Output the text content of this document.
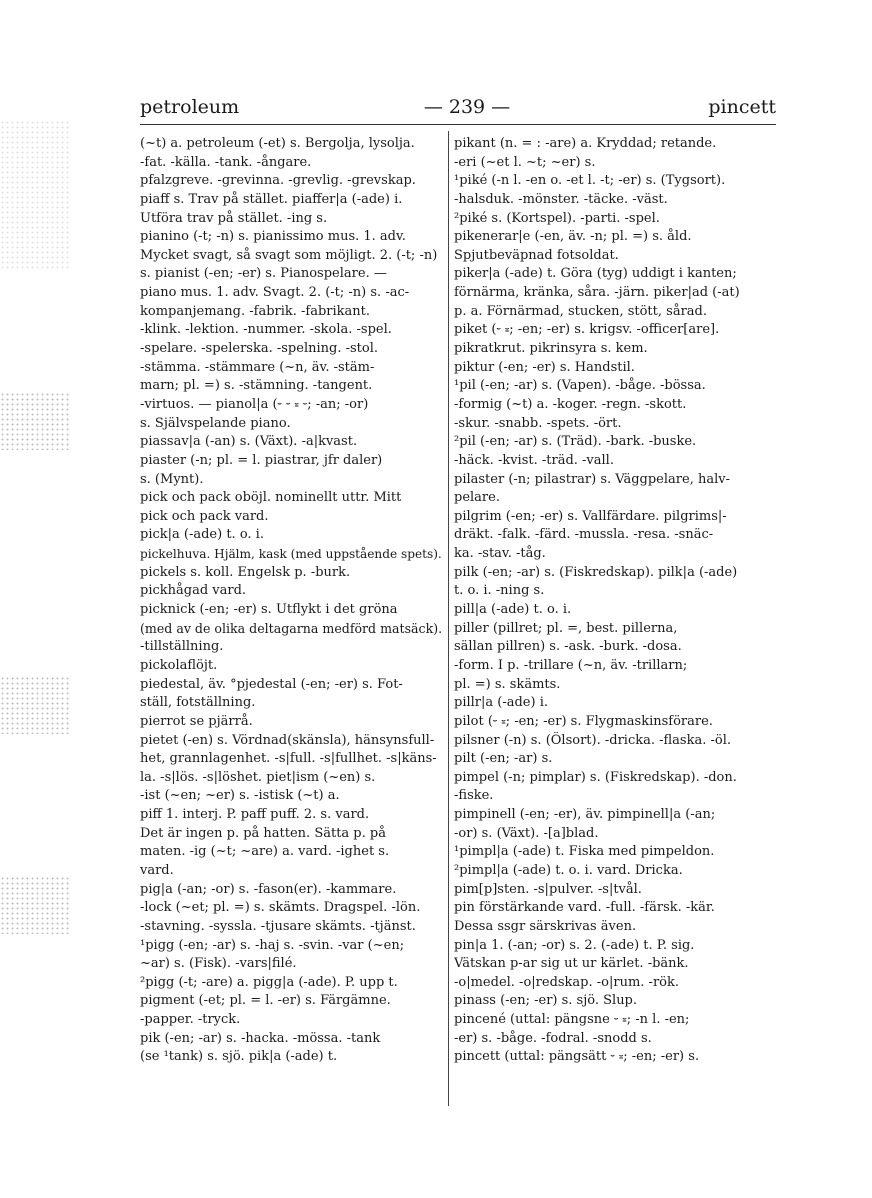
petroleum	— 239 —	pincett
(~t) a. petroleum (-et) s. Bergolja, lysolja.
-fat. -källa. -tank. -ångare.
pfalzgreve. -grevinna. -grevlig. -grevskap.
piaff s. Trav på stället. piaffer|a (-ade) i.
Utföra trav på stället. -ing s.
pianino (-t; -n) s. pianissimo mus. 1. adv.
Mycket svagt, så svagt som möjligt. 2. (-t; -n)
s. pianist (-en; -er) s. Pianospelare. —
piano mus. 1. adv. Svagt. 2. (-t; -n) s. -ac-
kompanjemang. -fabrik. -fabrikant.
-klink. -lektion. -nummer. -skola. -spel.
-spelare. -spelerska. -spelning. -stol.
-stämma. -stämmare (~n, äv. -stäm-
marn; pl. =) s. -stämning. -tangent.
-virtuos. — pianol|a (⏑ ⏑ ⏓ ⏑; -an; -or)
s. Självspelande piano.
piassav|a (-an) s. (Växt). -a|kvast.
piaster (-n; pl. = l. piastrar, jfr daler)
s. (Mynt).
pick och pack oböjl. nominellt uttr. Mitt
pick och pack vard.
pick|a (-ade) t. o. i.
pickelhuva. Hjälm, kask (med uppstående spets).
pickels s. koll. Engelsk p. -burk.
pickhågad vard.
picknick (-en; -er) s. Utflykt i det gröna
(med av de olika deltagarna medförd matsäck).
-tillställning.
pickolaflöjt.
piedestal, äv. °pjedestal (-en; -er) s. Fot-
ställ, fotställning.
pierrot se pjärrå.
pietet (-en) s. Vördnad(skänsla), hänsynsfull-
het, grannlagenhet. -s|full. -s|fullhet. -s|käns-
la. -s|lös. -s|löshet. piet|ism (~en) s.
-ist (~en; ~er) s. -istisk (~t) a.
piff 1. interj. P. paff puff. 2. s. vard.
Det är ingen p. på hatten. Sätta p. på
maten. -ig (~t; ~are) a. vard. -ighet s.
vard.
pig|a (-an; -or) s. -fason(er). -kammare.
-lock (~et; pl. =) s. skämts. Dragspel. -lön.
-stavning. -syssla. -tjusare skämts. -tjänst.
¹pigg (-en; -ar) s. -haj s. -svin. -var (~en;
~ar) s. (Fisk). -vars|filé.
²pigg (-t; -are) a. pigg|a (-ade). P. upp t.
pigment (-et; pl. = l. -er) s. Färgämne.
-papper. -tryck.
pik (-en; -ar) s. -hacka. -mössa. -tank
(se ¹tank) s. sjö. pik|a (-ade) t.
pikant (n. = : -are) a. Kryddad; retande.
-eri (~et l. ~t; ~er) s.
¹piké (-n l. -en o. -et l. -t; -er) s. (Tygsort).
-halsduk. -mönster. -täcke. -väst.
²piké s. (Kortspel). -parti. -spel.
pikenerar|e (-en, äv. -n; pl. =) s. åld.
Spjutbeväpnad fotsoldat.
piker|a (-ade) t. Göra (tyg) uddigt i kanten;
förnärma, kränka, såra. -järn. piker|ad (-at)
p. a. Förnärmad, stucken, stött, sårad.
piket (⏑ ⏓; -en; -er) s. krigsv. -officer[are].
pikratkrut. pikrinsyra s. kem.
piktur (-en; -er) s. Handstil.
¹pil (-en; -ar) s. (Vapen). -båge. -bössa.
-formig (~t) a. -koger. -regn. -skott.
-skur. -snabb. -spets. -ört.
²pil (-en; -ar) s. (Träd). -bark. -buske.
-häck. -kvist. -träd. -vall.
pilaster (-n; pilastrar) s. Väggpelare, halv-
pelare.
pilgrim (-en; -er) s. Vallfärdare. pilgrims|-
dräkt. -falk. -färd. -mussla. -resa. -snäc-
ka. -stav. -tåg.
pilk (-en; -ar) s. (Fiskredskap). pilk|a (-ade)
t. o. i. -ning s.
pill|a (-ade) t. o. i.
piller (pillret; pl. =, best. pillerna,
sällan pillren) s. -ask. -burk. -dosa.
-form. I p. -trillare (~n, äv. -trillarn;
pl. =) s. skämts.
pillr|a (-ade) i.
pilot (⏑ ⏓; -en; -er) s. Flygmaskinsförare.
pilsner (-n) s. (Ölsort). -dricka. -flaska. -öl.
pilt (-en; -ar) s.
pimpel (-n; pimplar) s. (Fiskredskap). -don.
-fiske.
pimpinell (-en; -er), äv. pimpinell|a (-an;
-or) s. (Växt). -[a]blad.
¹pimpl|a (-ade) t. Fiska med pimpeldon.
²pimpl|a (-ade) t. o. i. vard. Dricka.
pim[p]sten. -s|pulver. -s|tvål.
pin förstärkande vard. -full. -färsk. -kär.
Dessa ssgr särskrivas även.
pin|a 1. (-an; -or) s. 2. (-ade) t. P. sig.
Vätskan p-ar sig ut ur kärlet. -bänk.
-o|medel. -o|redskap. -o|rum. -rök.
pinass (-en; -er) s. sjö. Slup.
pincené (uttal: pängsne ⏑ ⏓; -n l. -en;
-er) s. -båge. -fodral. -snodd s.
pincett (uttal: pängsätt ⏑ ⏓; -en; -er) s.
